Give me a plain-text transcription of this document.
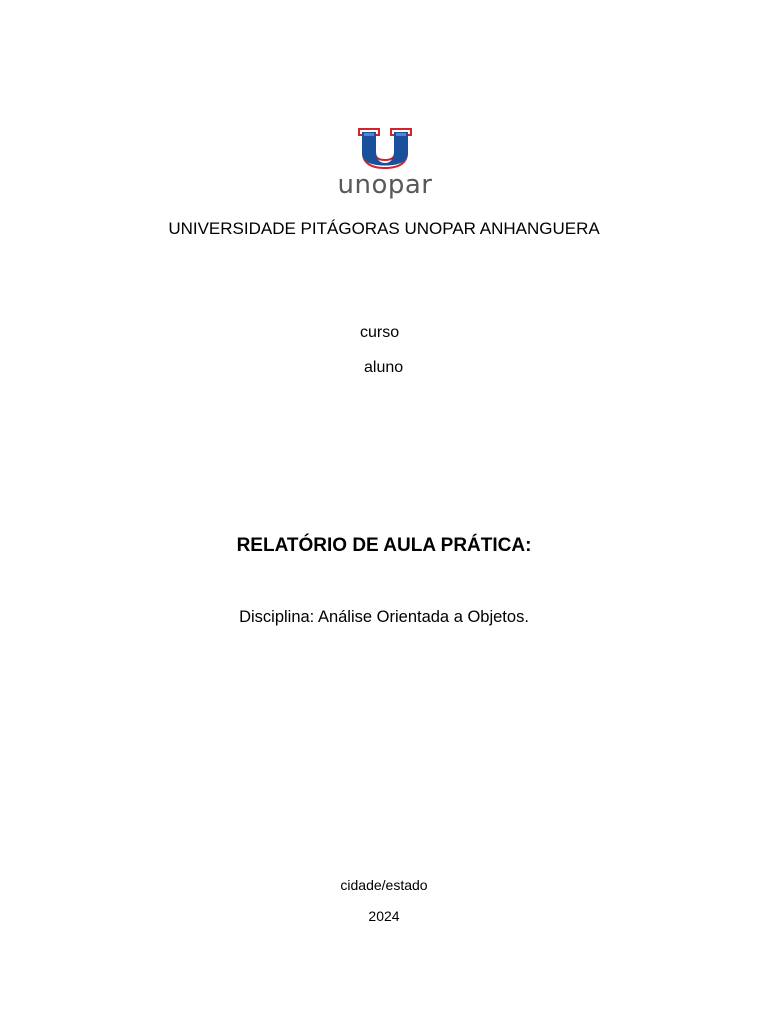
unopar
UNIVERSIDADE PITÁGORAS UNOPAR ANHANGUERA
curso
aluno
RELATÓRIO DE AULA PRÁTICA:
Disciplina: Análise Orientada a Objetos.
cidade/estado
2024
